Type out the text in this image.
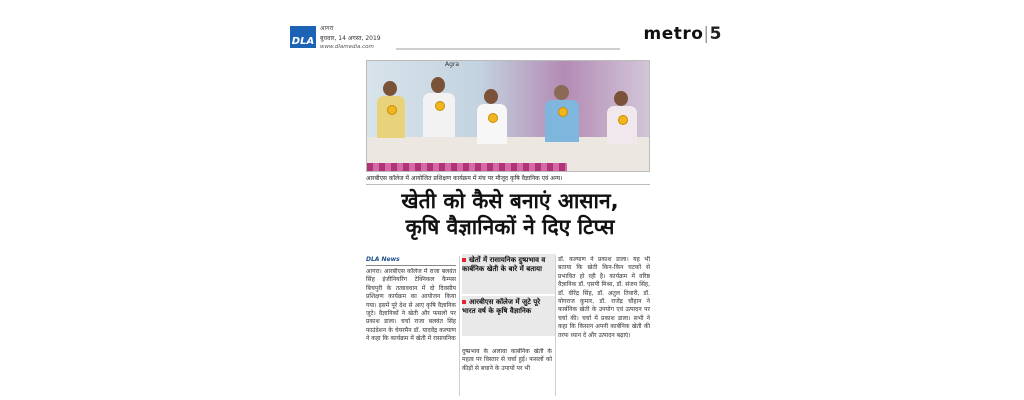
DLA
आगरा
बुधवार, 14 अगस्त, 2019
www.dlamedia.com
metro|5
Agra
आरबीएस कॉलेज में आयोजित प्रशिक्षण कार्यक्रम में मंच पर मौजूद कृषि वैज्ञानिक एवं अन्य।
खेती को कैसे बनाएं आसान,
कृषि वैज्ञानिकों ने दिए टिप्स
DLA News
आगरा। आरबीएस कॉलेज में राजा बलवंत सिंह इंजीनियरिंग टेक्निकल कैम्पस बिचपुरी के तत्वावधान में दो दिवसीय प्रशिक्षण कार्यक्रम का आयोजन किया गया। इसमें पूरे देश से आए कृषि वैज्ञानिक जुटे। वैज्ञानिकों ने खेती और फसलों पर प्रकाश डाला। चर्चा राजा बलवंत सिंह फाउंडेशन के चेयरमैन डॉ. यादवेंद्र कल्याण ने कहा कि कार्यक्रम में खेती में रासायनिक
खेतों में रासायनिक दुष्प्रभाव व कार्बनिक खेती के बारे में बताया
आरबीएस कॉलेज में जुटे पूरे भारत वर्ष के कृषि वैज्ञानिक
दुष्प्रभाव के अलावा कार्बनिक खेती के महत्व पर विस्तार से चर्चा हुई। फसलों को कीड़ों से बचाने के उपायों पर भी
डॉ. कल्याण ने प्रकाश डाला। यह भी बताया कि खेती किन-किन घटकों से प्रभावित हो रही है। कार्यक्रम में वरिष्ठ वैज्ञानिक डॉ. एसपी मिश्रा, डॉ. संजय सिंह, डॉ. वीरेंद्र सिंह, डॉ. अतुल तिवारी, डॉ. योगराज कुमार, डॉ. राजेंद्र चौहान ने कार्बनिक खेती के उपयोग एवं उत्पादन पर चर्चा की। चर्चा में प्रकाश डाला। सभी ने कहा कि किसान अपनी कार्बनिक खेती की तरफ ध्यान दें और उत्पादन बढ़ाएं।
